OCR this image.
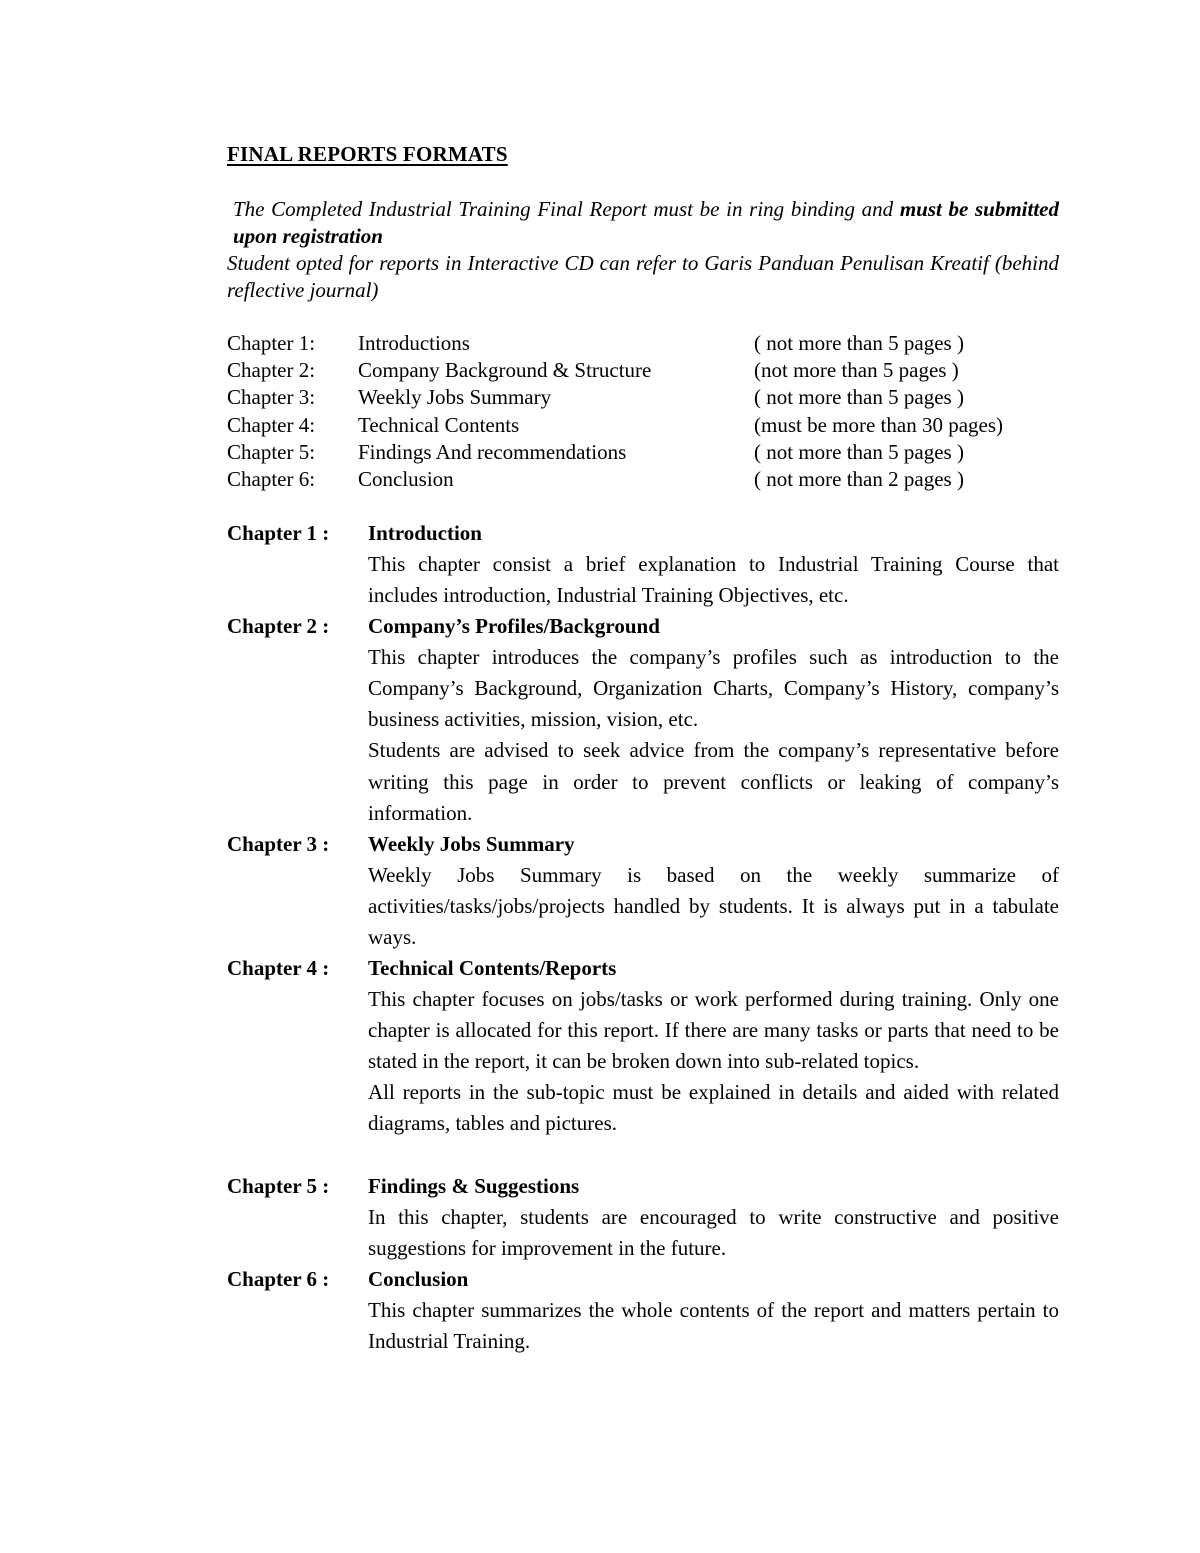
FINAL REPORTS FORMATS

The Completed Industrial Training Final Report must be in ring binding and must be submitted upon registration

Student opted for reports in Interactive CD can refer to Garis Panduan Penulisan Kreatif (behind reflective journal)

Chapter 1: Introductions	( not more than 5 pages )
Chapter 2: Company Background & Structure	(not more than 5 pages )
Chapter 3: Weekly Jobs Summary	( not more than 5 pages )
Chapter 4: Technical Contents	(must be more than 30 pages)
Chapter 5: Findings And recommendations	( not more than 5 pages )
Chapter 6: Conclusion	( not more than 2 pages )
Chapter 1 : Introduction

This chapter consist a brief explanation to Industrial Training Course that includes introduction, Industrial Training Objectives, etc.

Chapter 2 : Company’s Profiles/Background

This chapter introduces the company’s profiles such as introduction to the Company’s Background, Organization Charts, Company’s History, company’s business activities, mission, vision, etc.

Students are advised to seek advice from the company’s representative before writing this page in order to prevent conflicts or leaking of company’s information.

Chapter 3 : Weekly Jobs Summary

Weekly Jobs Summary is based on the weekly summarize of activities/tasks/jobs/projects handled by students. It is always put in a tabulate ways.

Chapter 4 : Technical Contents/Reports

This chapter focuses on jobs/tasks or work performed during training. Only one chapter is allocated for this report. If there are many tasks or parts that need to be stated in the report, it can be broken down into sub-related topics.

All reports in the sub-topic must be explained in details and aided with related diagrams, tables and pictures.

Chapter 5 : Findings & Suggestions

In this chapter, students are encouraged to write constructive and positive suggestions for improvement in the future.

Chapter 6 : Conclusion

This chapter summarizes the whole contents of the report and matters pertain to Industrial Training.
